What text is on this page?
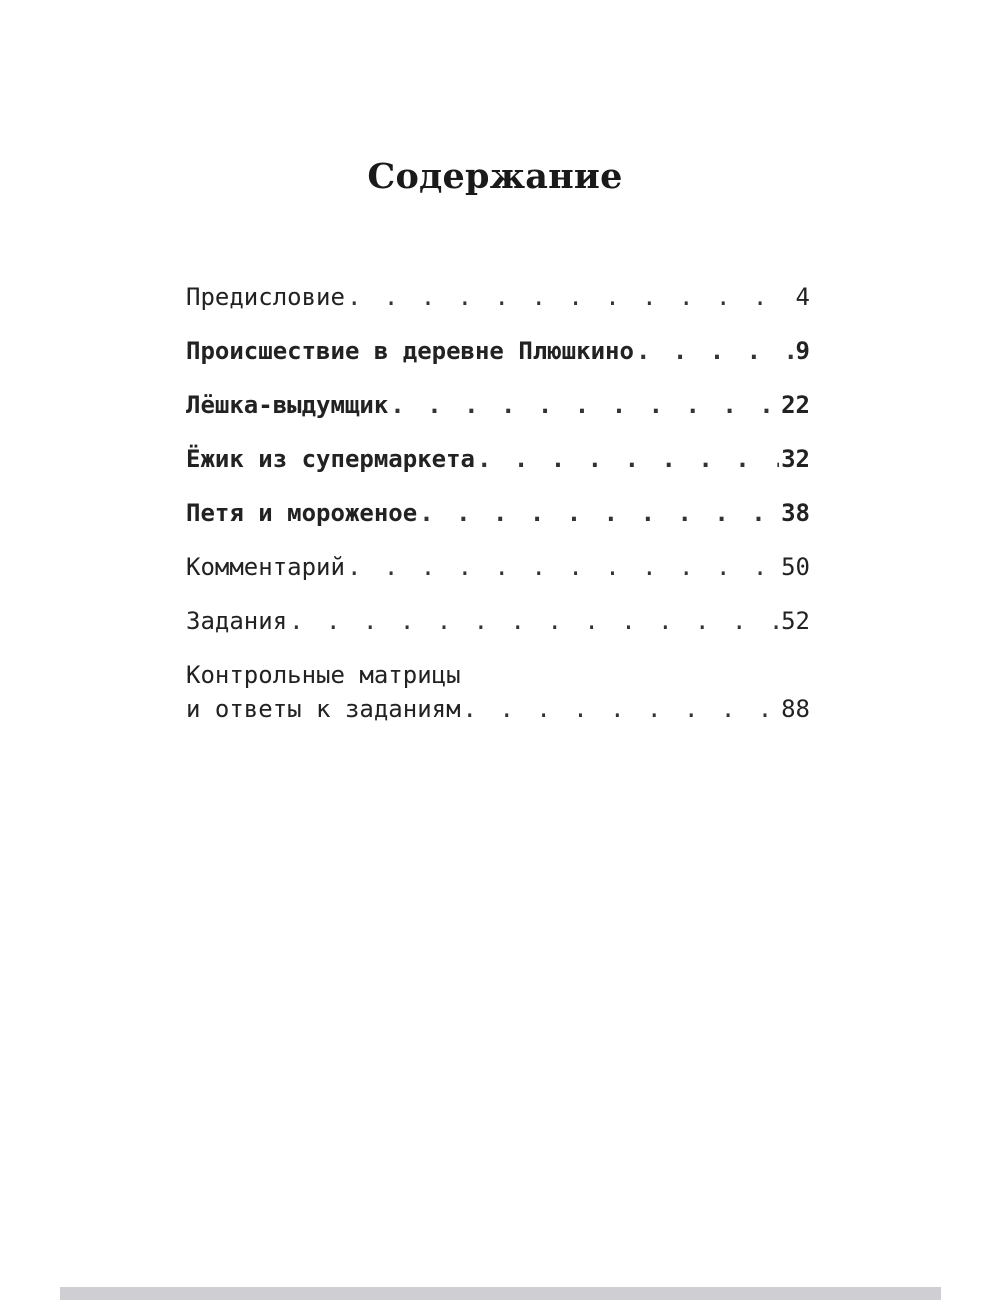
Содержание
Предисловие . . .	4
Происшествие в деревне Плюшкино . . .	9
Лёшка-выдумщик . . .	22
Ёжик из супермаркета . . .	32
Петя и мороженое . . .	38
Комментарий . . .	50
Задания . . .	52
Контрольные матрицы
и ответы к заданиям . . .	88
